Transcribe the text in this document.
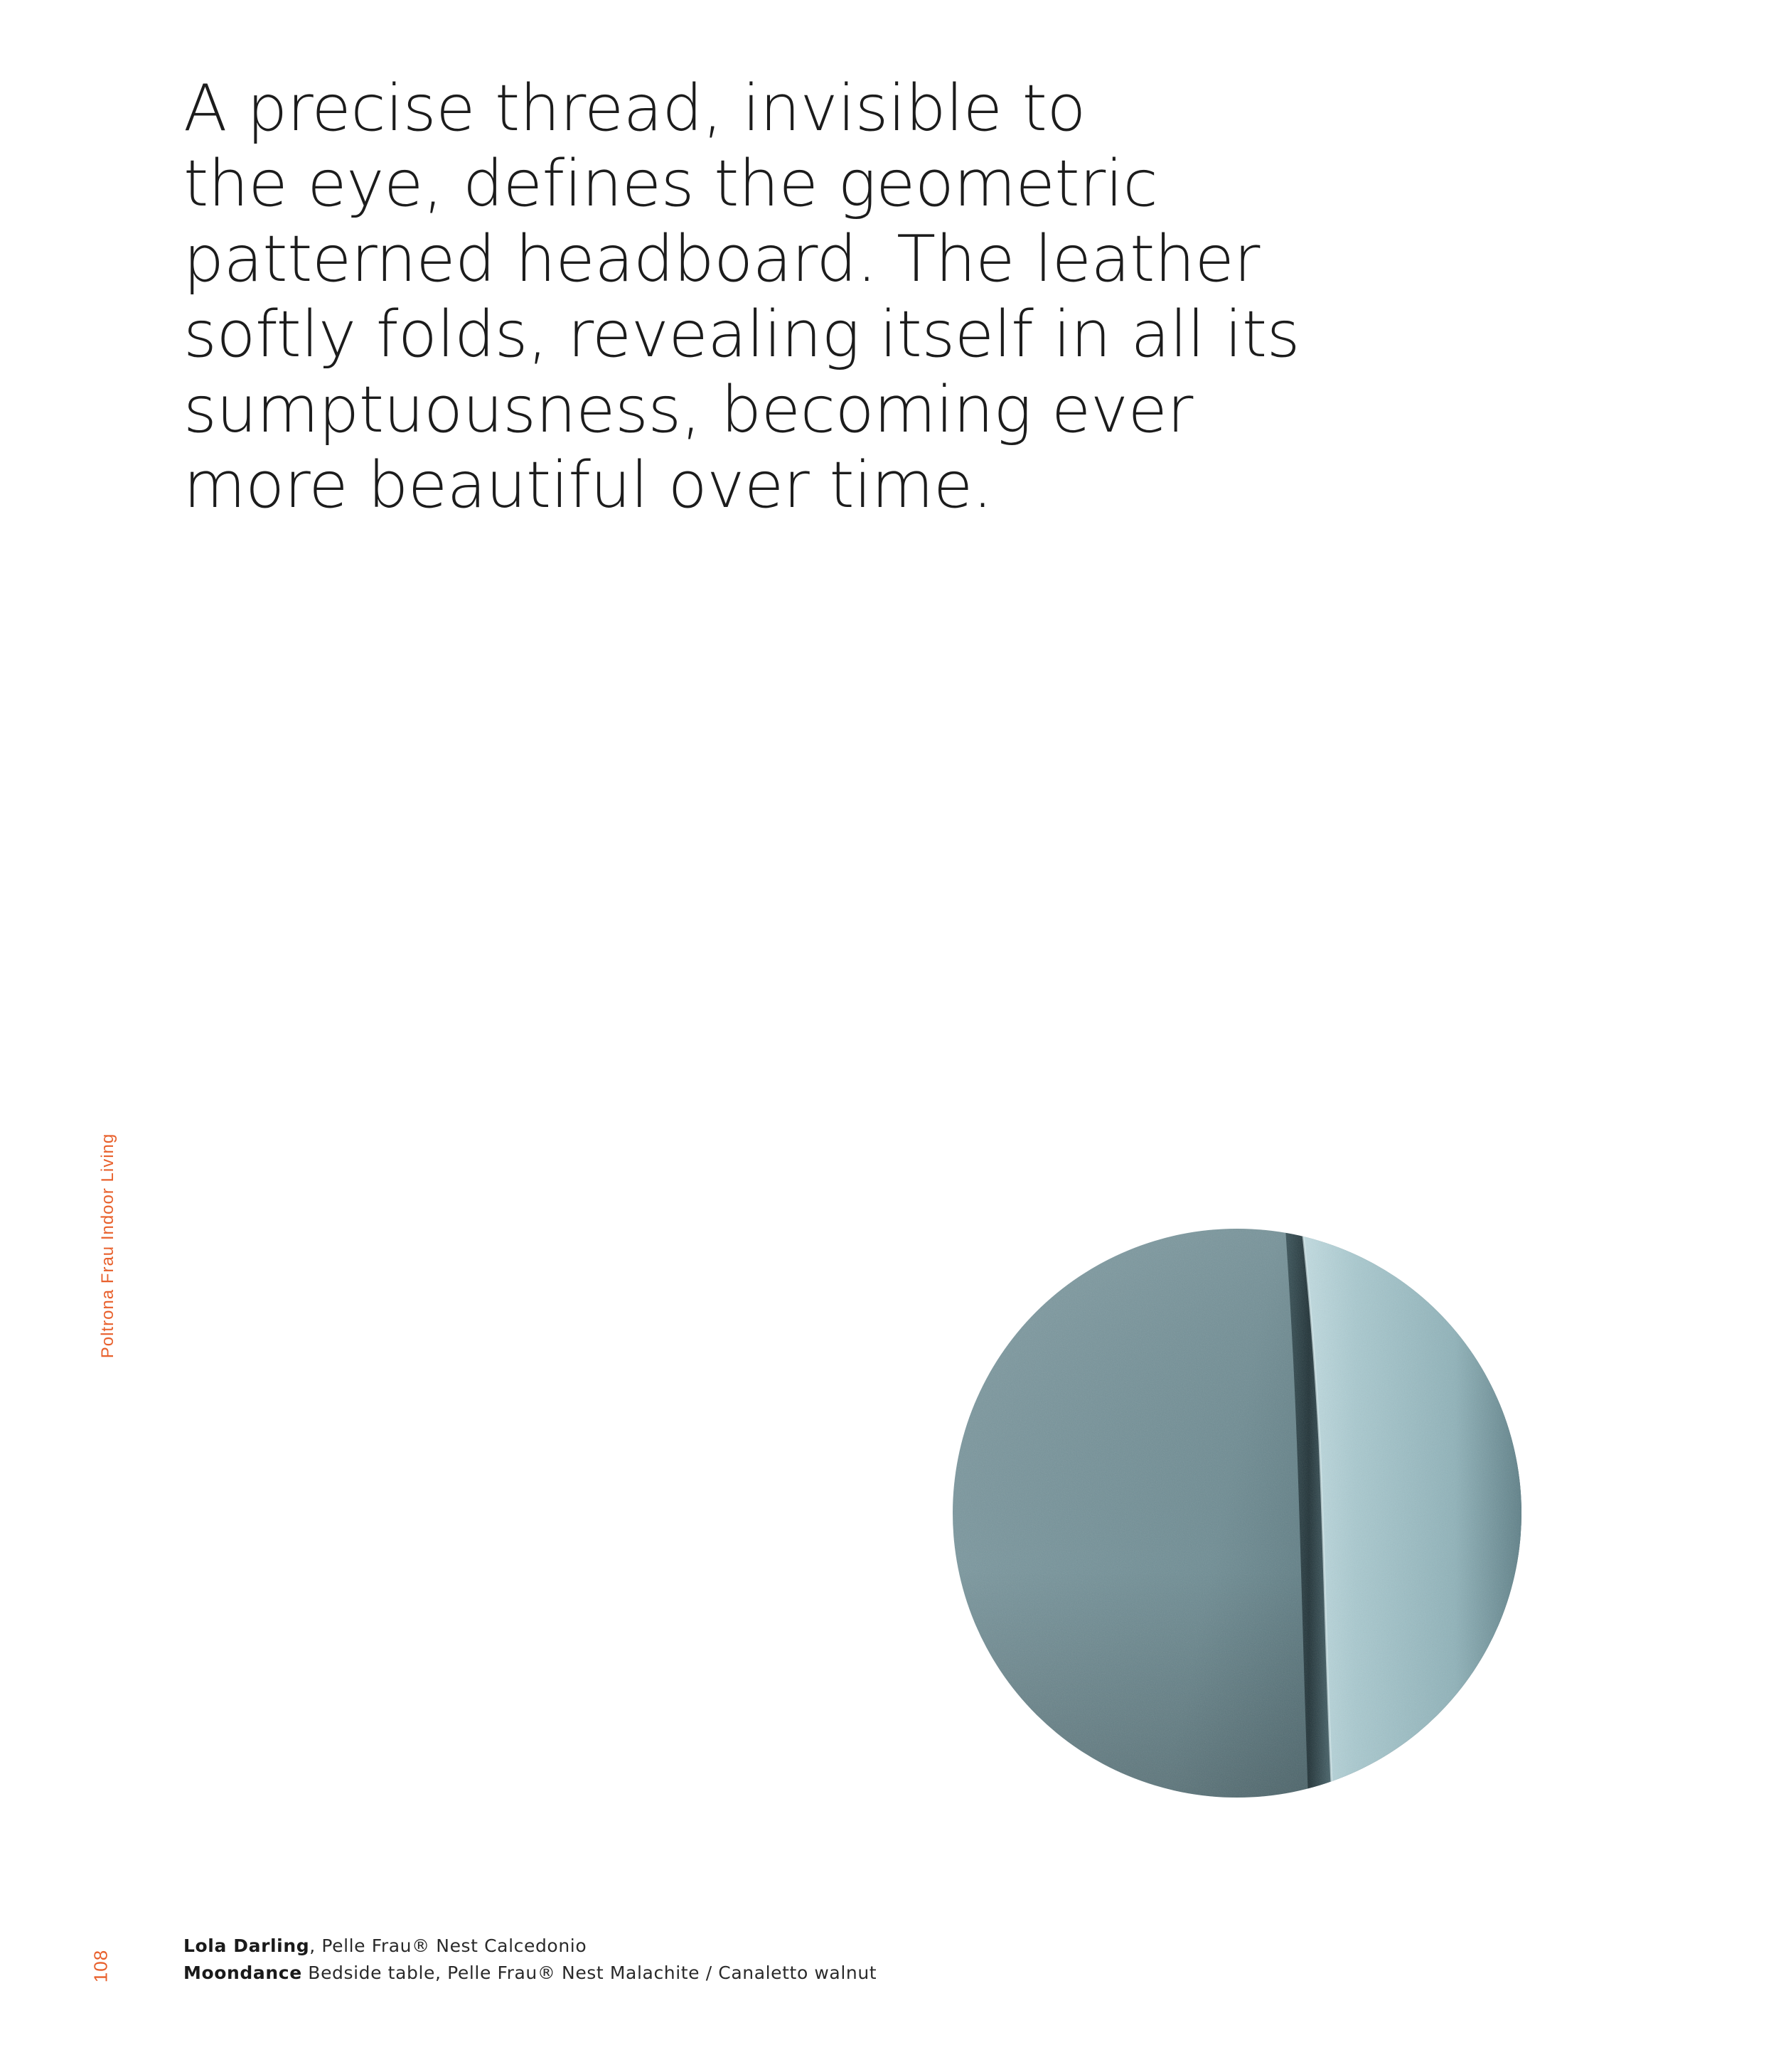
A precise thread, invisible to
the eye, defines the geometric
patterned headboard. The leather
softly folds, revealing itself in all its
sumptuousness, becoming ever
more beautiful over time.
Poltrona Frau Indoor Living
108
Lola Darling, Pelle Frau® Nest Calcedonio
Moondance Bedside table, Pelle Frau® Nest Malachite / Canaletto walnut
